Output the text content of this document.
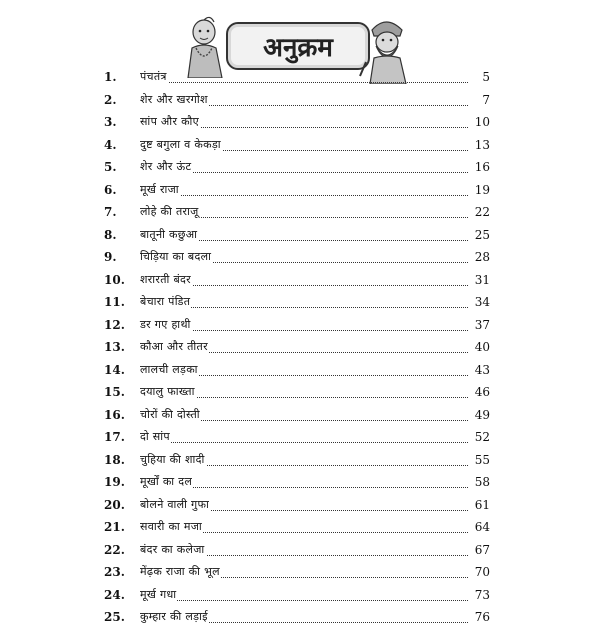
अनुक्रम
1.	पंचतंत्र	5
2.	शेर और खरगोश	7
3.	सांप और कौए	10
4.	दुष्ट बगुला व केकड़ा	13
5.	शेर और ऊंट	16
6.	मूर्ख राजा	19
7.	लोहे की तराजू	22
8.	बातूनी कछुआ	25
9.	चिड़िया का बदला	28
10.	शरारती बंदर	31
11.	बेचारा पंडित	34
12.	डर गए हाथी	37
13.	कौआ और तीतर	40
14.	लालची लड़का	43
15.	दयालु फाख्ता	46
16.	चोरों की दोस्ती	49
17.	दो सांप	52
18.	चुहिया की शादी	55
19.	मूर्खों का दल	58
20.	बोलने वाली गुफा	61
21.	सवारी का मजा	64
22.	बंदर का कलेजा	67
23.	मेंढ़क राजा की भूल	70
24.	मूर्ख गधा	73
25.	कुम्हार की लड़ाई	76
